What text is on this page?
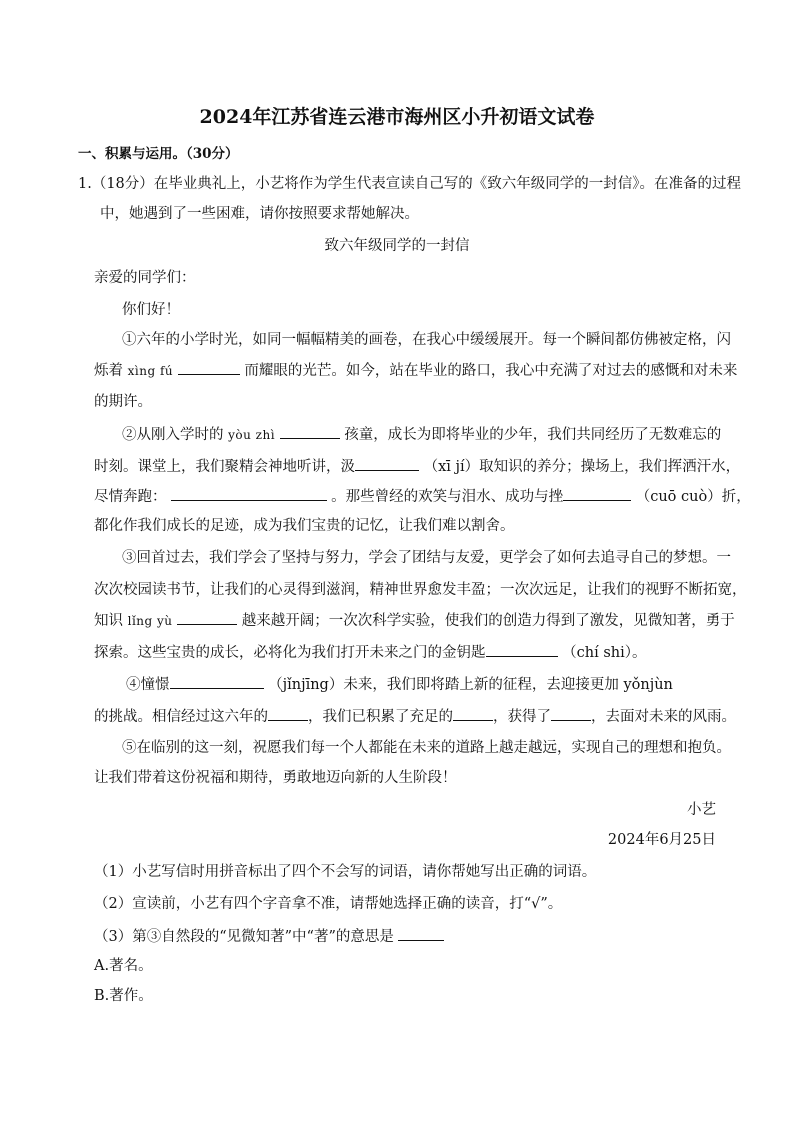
2024年江苏省连云港市海州区小升初语文试卷
一、积累与运用。（30分）
1.（18分）在毕业典礼上，小艺将作为学生代表宣读自己写的《致六年级同学的一封信》。在准备的过程
中，她遇到了一些困难，请你按照要求帮她解决。
致六年级同学的一封信
亲爱的同学们：
你们好！
①六年的小学时光，如同一幅幅精美的画卷，在我心中缓缓展开。每一个瞬间都仿佛被定格，闪
烁着 xìng fú	而耀眼的光芒。如今，站在毕业的路口，我心中充满了对过去的感慨和对未来
的期许。
②从刚入学时的 yòu zhì	孩童，成长为即将毕业的少年，我们共同经历了无数难忘的
时刻。课堂上，我们聚精会神地听讲，汲	（xī jí）取知识的养分；操场上，我们挥洒汗水，
尽情奔跑：	。那些曾经的欢笑与泪水、成功与挫	（cuō cuò）折，
都化作我们成长的足迹，成为我们宝贵的记忆，让我们难以割舍。
③回首过去，我们学会了坚持与努力，学会了团结与友爱，更学会了如何去追寻自己的梦想。一
次次校园读书节，让我们的心灵得到滋润，精神世界愈发丰盈；一次次远足，让我们的视野不断拓宽，
知识 lǐng yù	越来越开阔；一次次科学实验，使我们的创造力得到了激发，见微知著，勇于
探索。这些宝贵的成长，必将化为我们打开未来之门的金钥匙	（chí shi）。
④憧憬	（jǐnjīng）未来，我们即将踏上新的征程，去迎接更加 yǒnjùn
的挑战。相信经过这六年的	，我们已积累了充足的	，获得了	，去面对未来的风雨。
⑤在临别的这一刻，祝愿我们每一个人都能在未来的道路上越走越远，实现自己的理想和抱负。
让我们带着这份祝福和期待，勇敢地迈向新的人生阶段！
小艺
2024年6月25日
（1）小艺写信时用拼音标出了四个不会写的词语，请你帮她写出正确的词语。
（2）宣读前，小艺有四个字音拿不准，请帮她选择正确的读音，打“√”。
（3）第③自然段的“见微知著”中“著”的意思是
A.著名。
B.著作。
